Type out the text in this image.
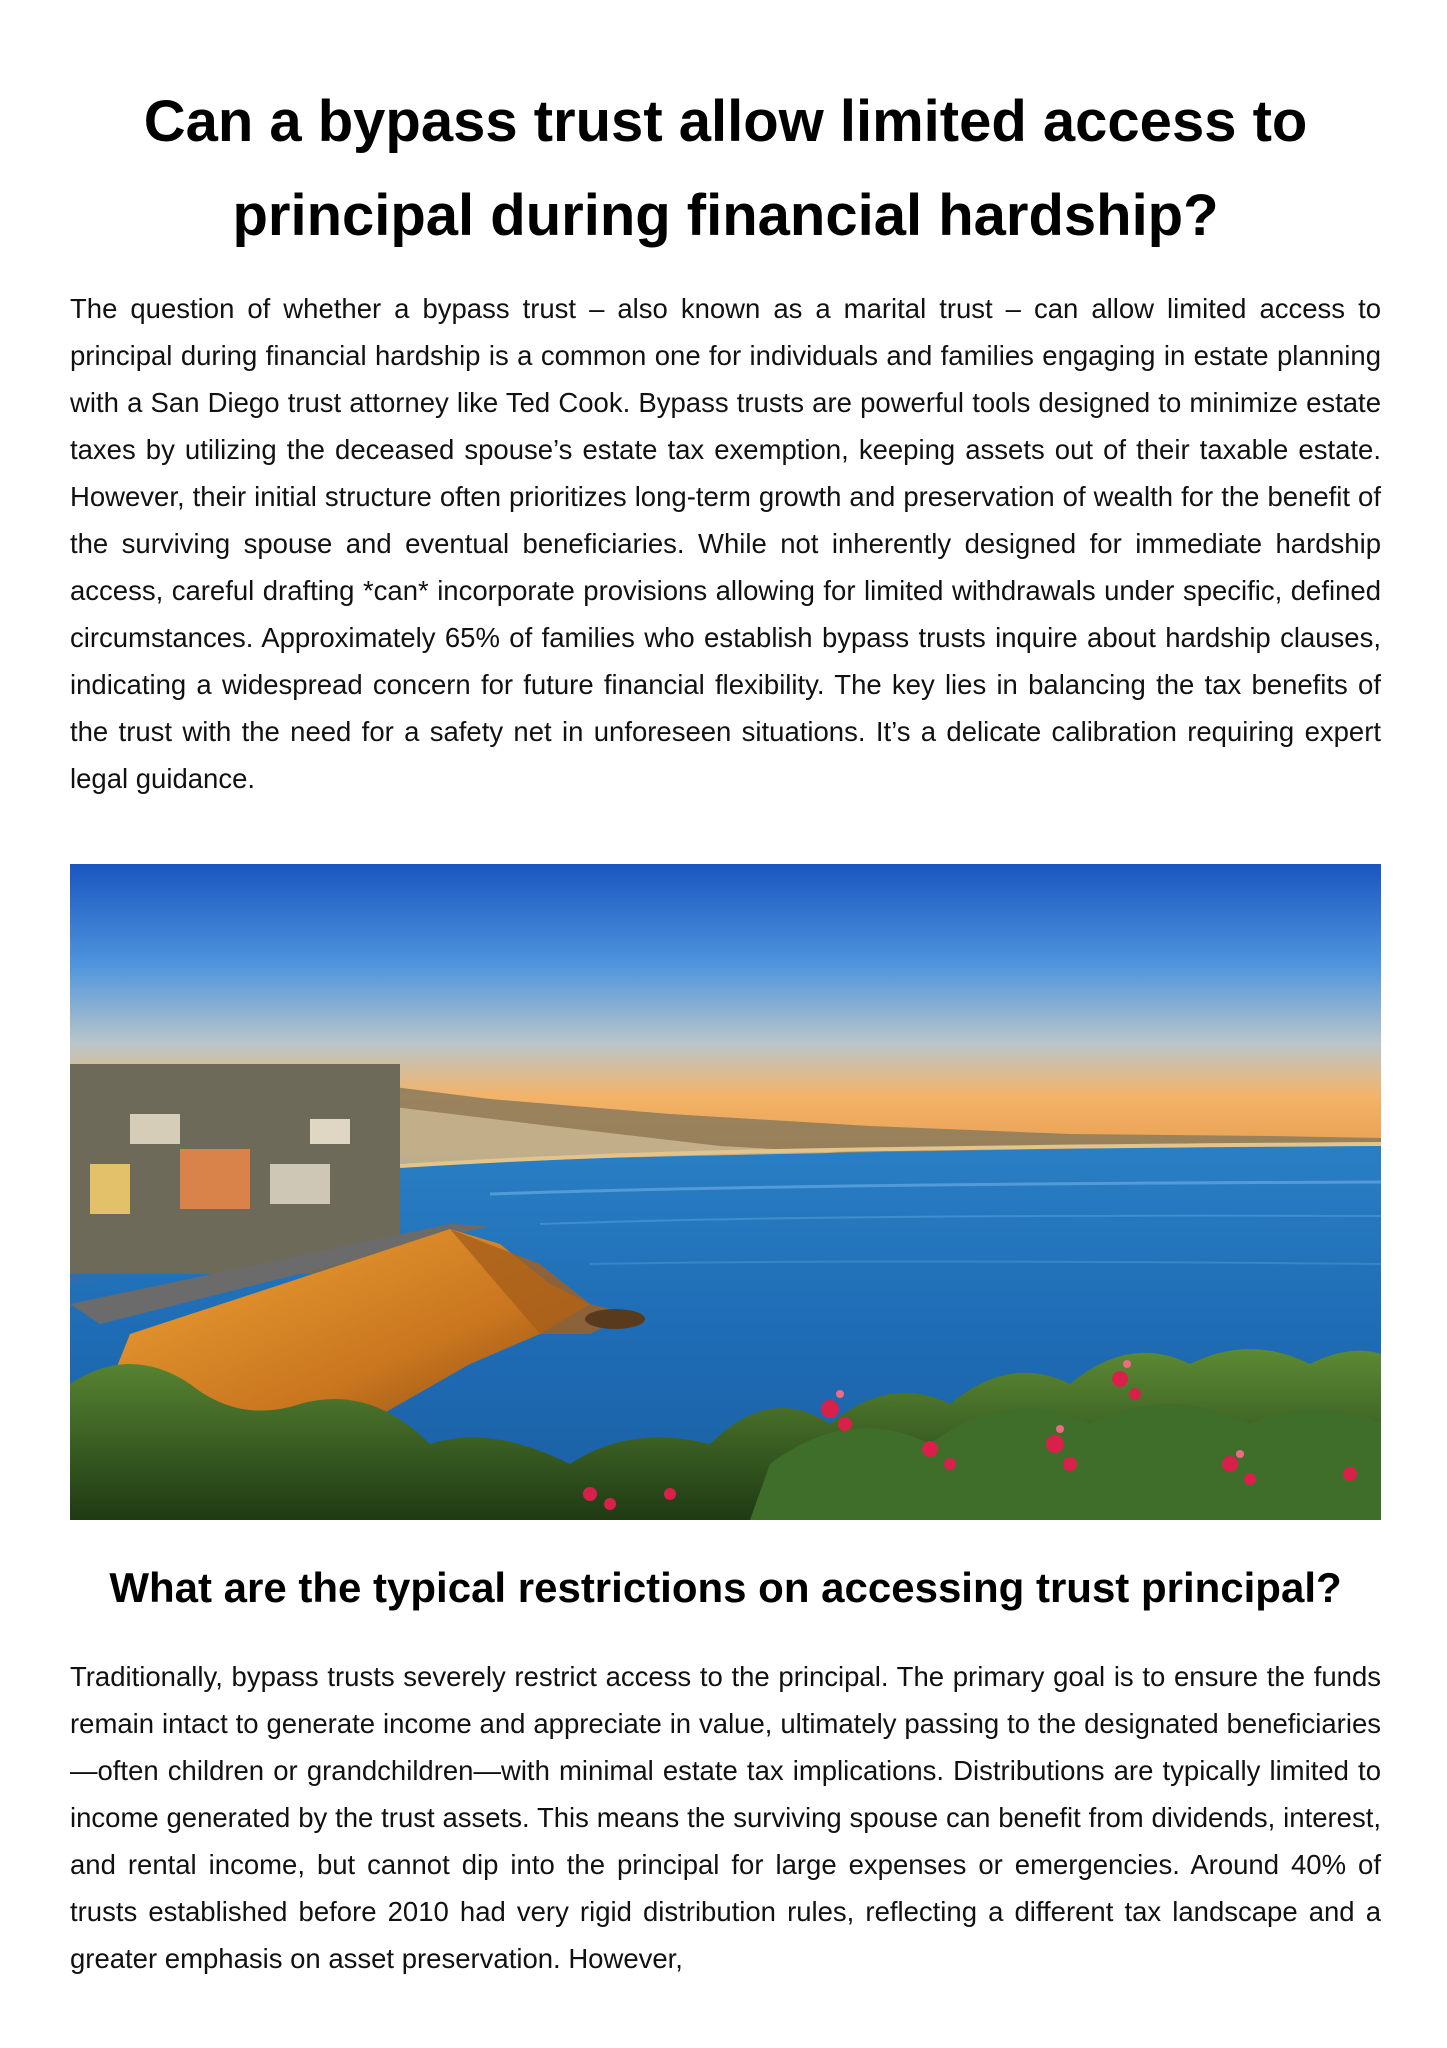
Can a bypass trust allow limited access to principal during financial hardship?

The question of whether a bypass trust – also known as a marital trust – can allow limited access to principal during financial hardship is a common one for individuals and families engaging in estate planning with a San Diego trust attorney like Ted Cook. Bypass trusts are powerful tools designed to minimize estate taxes by utilizing the deceased spouse’s estate tax exemption, keeping assets out of their taxable estate. However, their initial structure often prioritizes long-term growth and preservation of wealth for the benefit of the surviving spouse and eventual beneficiaries. While not inherently designed for immediate hardship access, careful drafting *can* incorporate provisions allowing for limited withdrawals under specific, defined circumstances. Approximately 65% of families who establish bypass trusts inquire about hardship clauses, indicating a widespread concern for future financial flexibility. The key lies in balancing the tax benefits of the trust with the need for a safety net in unforeseen situations. It’s a delicate calibration requiring expert legal guidance.

What are the typical restrictions on accessing trust principal?

Traditionally, bypass trusts severely restrict access to the principal. The primary goal is to ensure the funds remain intact to generate income and appreciate in value, ultimately passing to the designated beneficiaries—often children or grandchildren—with minimal estate tax implications. Distributions are typically limited to income generated by the trust assets. This means the surviving spouse can benefit from dividends, interest, and rental income, but cannot dip into the principal for large expenses or emergencies. Around 40% of trusts established before 2010 had very rigid distribution rules, reflecting a different tax landscape and a greater emphasis on asset preservation. However,
